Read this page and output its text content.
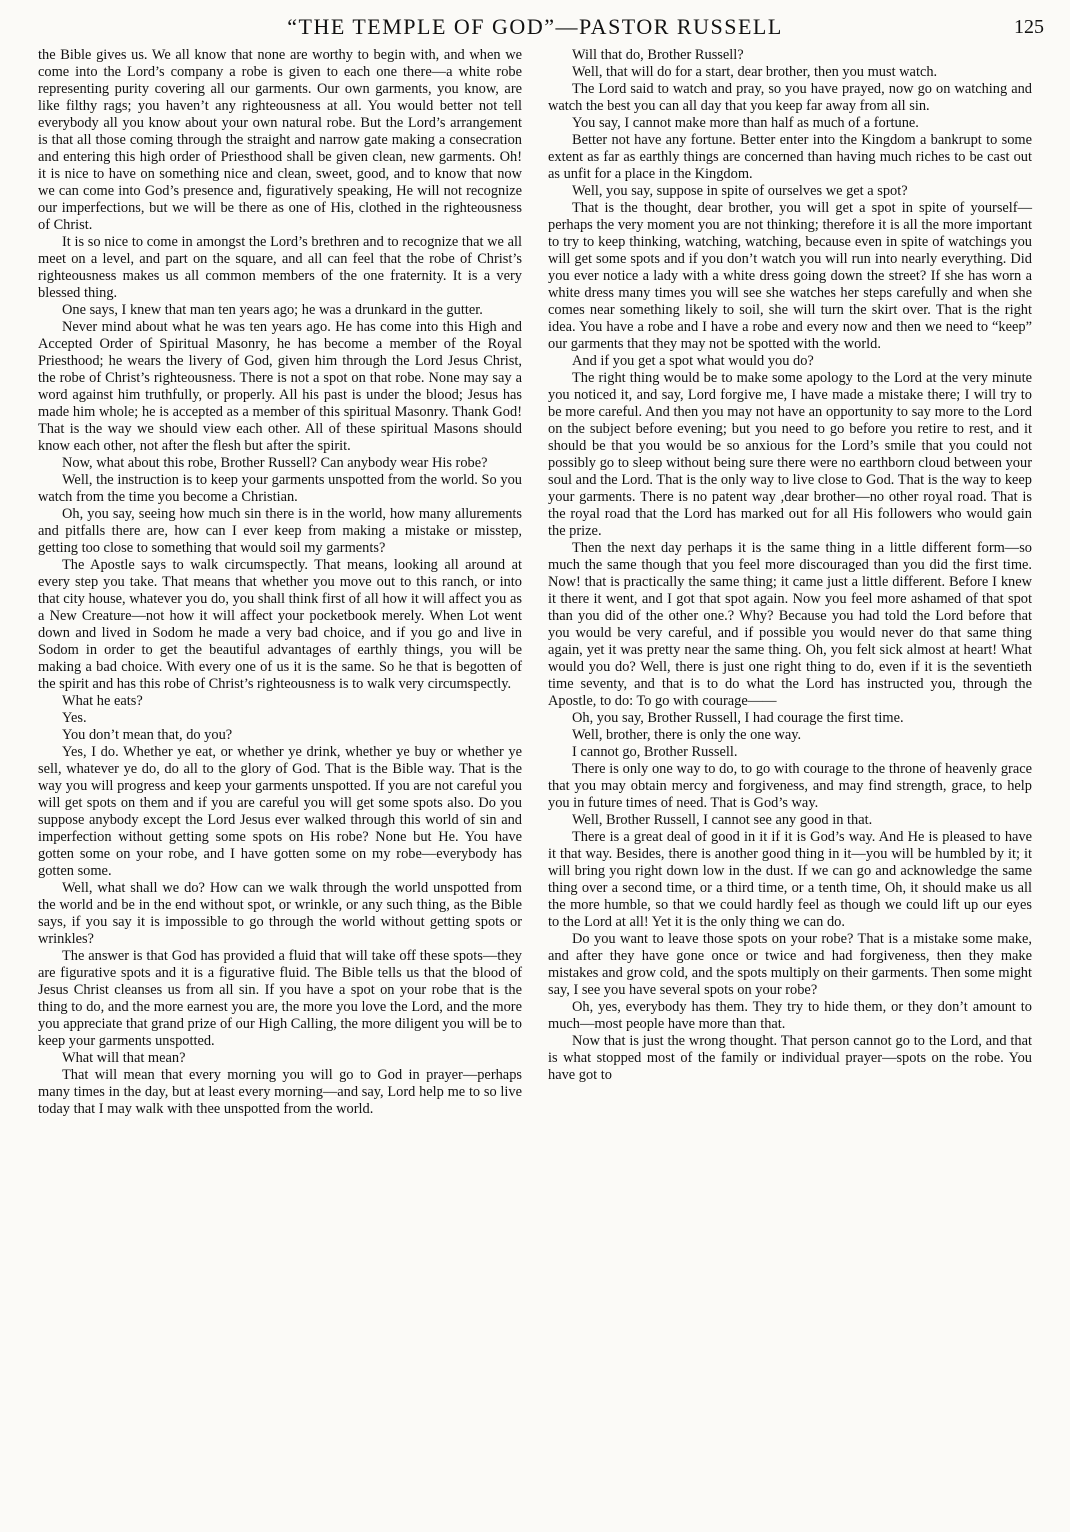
“THE TEMPLE OF GOD”—PASTOR RUSSELL	125

the Bible gives us. We all know that none are worthy to begin with, and when we come into the Lord’s company a robe is given to each one there—a white robe representing purity covering all our garments. Our own garments, you know, are like filthy rags; you haven’t any righteousness at all. You would better not tell everybody all you know about your own natural robe. But the Lord’s arrangement is that all those coming through the straight and narrow gate making a consecration and entering this high order of Priesthood shall be given clean, new garments. Oh! it is nice to have on something nice and clean, sweet, good, and to know that now we can come into God’s presence and, figuratively speaking, He will not recognize our imperfections, but we will be there as one of His, clothed in the righteousness of Christ.

It is so nice to come in amongst the Lord’s brethren and to recognize that we all meet on a level, and part on the square, and all can feel that the robe of Christ’s righteousness makes us all common members of the one fraternity. It is a very blessed thing.

One says, I knew that man ten years ago; he was a drunkard in the gutter.

Never mind about what he was ten years ago. He has come into this High and Accepted Order of Spiritual Masonry, he has become a member of the Royal Priesthood; he wears the livery of God, given him through the Lord Jesus Christ, the robe of Christ’s righteousness. There is not a spot on that robe. None may say a word against him truthfully, or properly. All his past is under the blood; Jesus has made him whole; he is accepted as a member of this spiritual Masonry. Thank God! That is the way we should view each other. All of these spiritual Masons should know each other, not after the flesh but after the spirit.

Now, what about this robe, Brother Russell? Can anybody wear His robe?

Well, the instruction is to keep your garments unspotted from the world. So you watch from the time you become a Christian.

Oh, you say, seeing how much sin there is in the world, how many allurements and pitfalls there are, how can I ever keep from making a mistake or misstep, getting too close to something that would soil my garments?

The Apostle says to walk circumspectly. That means, looking all around at every step you take. That means that whether you move out to this ranch, or into that city house, whatever you do, you shall think first of all how it will affect you as a New Creature—not how it will affect your pocketbook merely. When Lot went down and lived in Sodom he made a very bad choice, and if you go and live in Sodom in order to get the beautiful advantages of earthly things, you will be making a bad choice. With every one of us it is the same. So he that is begotten of the spirit and has this robe of Christ’s righteousness is to walk very circumspectly.

What he eats?

Yes.

You don’t mean that, do you?

Yes, I do. Whether ye eat, or whether ye drink, whether ye buy or whether ye sell, whatever ye do, do all to the glory of God. That is the Bible way. That is the way you will progress and keep your garments unspotted. If you are not careful you will get spots on them and if you are careful you will get some spots also. Do you suppose anybody except the Lord Jesus ever walked through this world of sin and imperfection without getting some spots on His robe? None but He. You have gotten some on your robe, and I have gotten some on my robe—everybody has gotten some.

Well, what shall we do? How can we walk through the world unspotted from the world and be in the end without spot, or wrinkle, or any such thing, as the Bible says, if you say it is impossible to go through the world without getting spots or wrinkles?

The answer is that God has provided a fluid that will take off these spots—they are figurative spots and it is a figurative fluid. The Bible tells us that the blood of Jesus Christ cleanses us from all sin. If you have a spot on your robe that is the thing to do, and the more earnest you are, the more you love the Lord, and the more you appreciate that grand prize of our High Calling, the more diligent you will be to keep your garments unspotted.

What will that mean?

That will mean that every morning you will go to God in prayer—perhaps many times in the day, but at least every morning—and say, Lord help me to so live today that I may walk with thee unspotted from the world.

Will that do, Brother Russell?

Well, that will do for a start, dear brother, then you must watch.

The Lord said to watch and pray, so you have prayed, now go on watching and watch the best you can all day that you keep far away from all sin.

You say, I cannot make more than half as much of a fortune.

Better not have any fortune. Better enter into the Kingdom a bankrupt to some extent as far as earthly things are concerned than having much riches to be cast out as unfit for a place in the Kingdom.

Well, you say, suppose in spite of ourselves we get a spot?

That is the thought, dear brother, you will get a spot in spite of yourself—perhaps the very moment you are not thinking; therefore it is all the more important to try to keep thinking, watching, watching, because even in spite of watchings you will get some spots and if you don’t watch you will run into nearly everything. Did you ever notice a lady with a white dress going down the street? If she has worn a white dress many times you will see she watches her steps carefully and when she comes near something likely to soil, she will turn the skirt over. That is the right idea. You have a robe and I have a robe and every now and then we need to “keep” our garments that they may not be spotted with the world.

And if you get a spot what would you do?

The right thing would be to make some apology to the Lord at the very minute you noticed it, and say, Lord forgive me, I have made a mistake there; I will try to be more careful. And then you may not have an opportunity to say more to the Lord on the subject before evening; but you need to go before you retire to rest, and it should be that you would be so anxious for the Lord’s smile that you could not possibly go to sleep without being sure there were no earthborn cloud between your soul and the Lord. That is the only way to live close to God. That is the way to keep your garments. There is no patent way ,dear brother—no other royal road. That is the royal road that the Lord has marked out for all His followers who would gain the prize.

Then the next day perhaps it is the same thing in a little different form—so much the same though that you feel more discouraged than you did the first time. Now! that is practically the same thing; it came just a little different. Before I knew it there it went, and I got that spot again. Now you feel more ashamed of that spot than you did of the other one.? Why? Because you had told the Lord before that you would be very careful, and if possible you would never do that same thing again, yet it was pretty near the same thing. Oh, you felt sick almost at heart! What would you do? Well, there is just one right thing to do, even if it is the seventieth time seventy, and that is to do what the Lord has instructed you, through the Apostle, to do: To go with courage——

Oh, you say, Brother Russell, I had courage the first time.

Well, brother, there is only the one way.

I cannot go, Brother Russell.

There is only one way to do, to go with courage to the throne of heavenly grace that you may obtain mercy and forgiveness, and may find strength, grace, to help you in future times of need. That is God’s way.

Well, Brother Russell, I cannot see any good in that.

There is a great deal of good in it if it is God’s way. And He is pleased to have it that way. Besides, there is another good thing in it—you will be humbled by it; it will bring you right down low in the dust. If we can go and acknowledge the same thing over a second time, or a third time, or a tenth time, Oh, it should make us all the more humble, so that we could hardly feel as though we could lift up our eyes to the Lord at all! Yet it is the only thing we can do.

Do you want to leave those spots on your robe? That is a mistake some make, and after they have gone once or twice and had forgiveness, then they make mistakes and grow cold, and the spots multiply on their garments. Then some might say, I see you have several spots on your robe?

Oh, yes, everybody has them. They try to hide them, or they don’t amount to much—most people have more than that.

Now that is just the wrong thought. That person cannot go to the Lord, and that is what stopped most of the family or individual prayer—spots on the robe. You have got to
